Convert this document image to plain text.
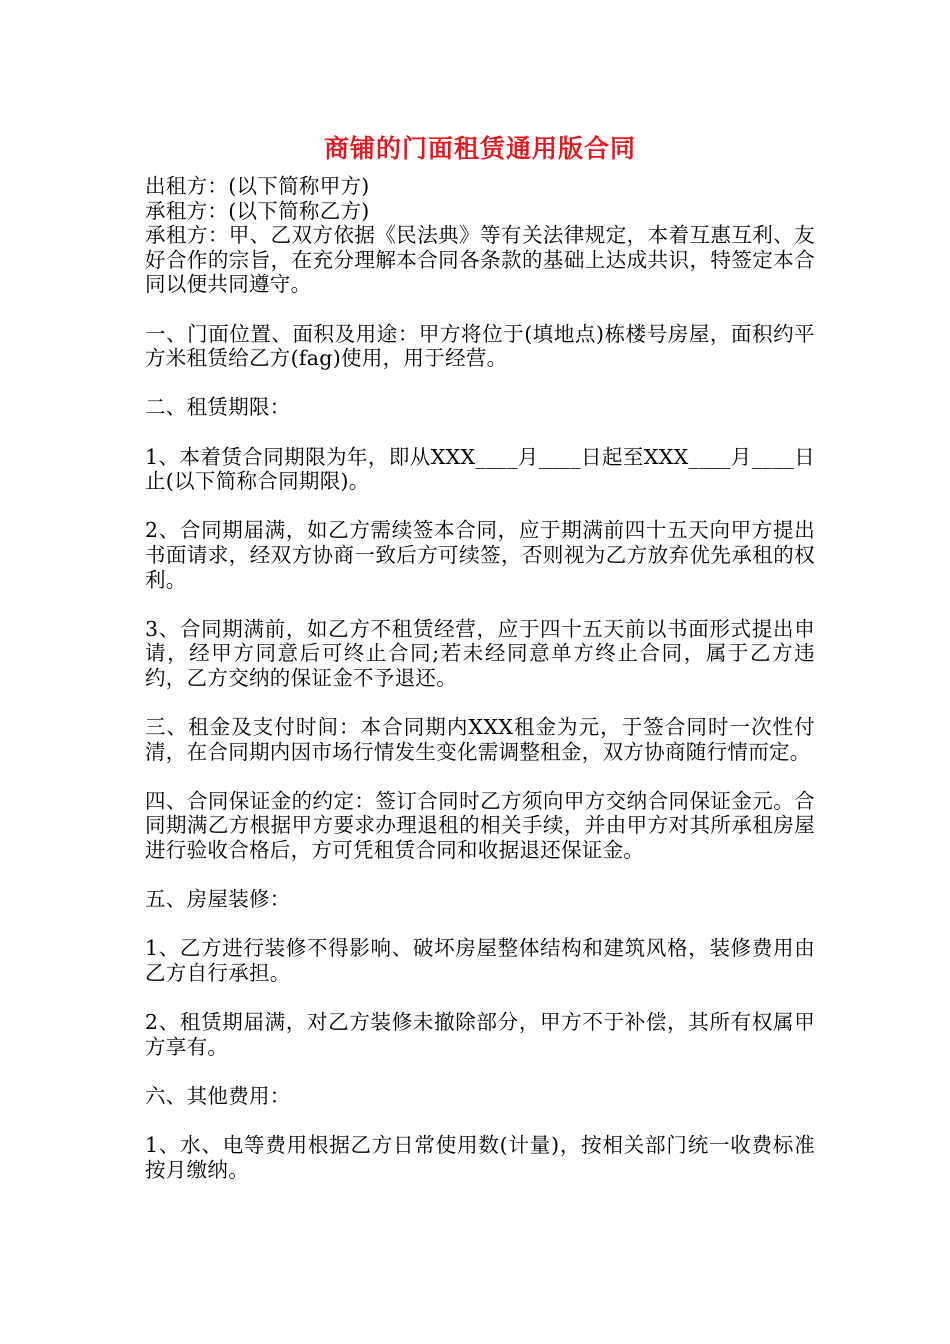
商铺的门面租赁通用版合同

出租方：(以下简称甲方)

承租方：(以下简称乙方)

承租方：甲、乙双方依据《民法典》等有关法律规定，本着互惠互利、友好合作的宗旨，在充分理解本合同各条款的基础上达成共识，特签定本合同以便共同遵守。

一、门面位置、面积及用途：甲方将位于(填地点)栋楼号房屋，面积约平方米租赁给乙方(fag)使用，用于经营。

二、租赁期限：

1、本着赁合同期限为年，即从XXX____月____日起至XXX____月____日止(以下简称合同期限)。

2、合同期届满，如乙方需续签本合同，应于期满前四十五天向甲方提出书面请求，经双方协商一致后方可续签，否则视为乙方放弃优先承租的权利。

3、合同期满前，如乙方不租赁经营，应于四十五天前以书面形式提出申请，经甲方同意后可终止合同;若未经同意单方终止合同，属于乙方违约，乙方交纳的保证金不予退还。

三、租金及支付时间：本合同期内XXX租金为元，于签合同时一次性付清，在合同期内因市场行情发生变化需调整租金，双方协商随行情而定。

四、合同保证金的约定：签订合同时乙方须向甲方交纳合同保证金元。合同期满乙方根据甲方要求办理退租的相关手续，并由甲方对其所承租房屋进行验收合格后，方可凭租赁合同和收据退还保证金。

五、房屋装修：

1、乙方进行装修不得影响、破坏房屋整体结构和建筑风格，装修费用由乙方自行承担。

2、租赁期届满，对乙方装修未撤除部分，甲方不于补偿，其所有权属甲方享有。

六、其他费用：

1、水、电等费用根据乙方日常使用数(计量)，按相关部门统一收费标准按月缴纳。
